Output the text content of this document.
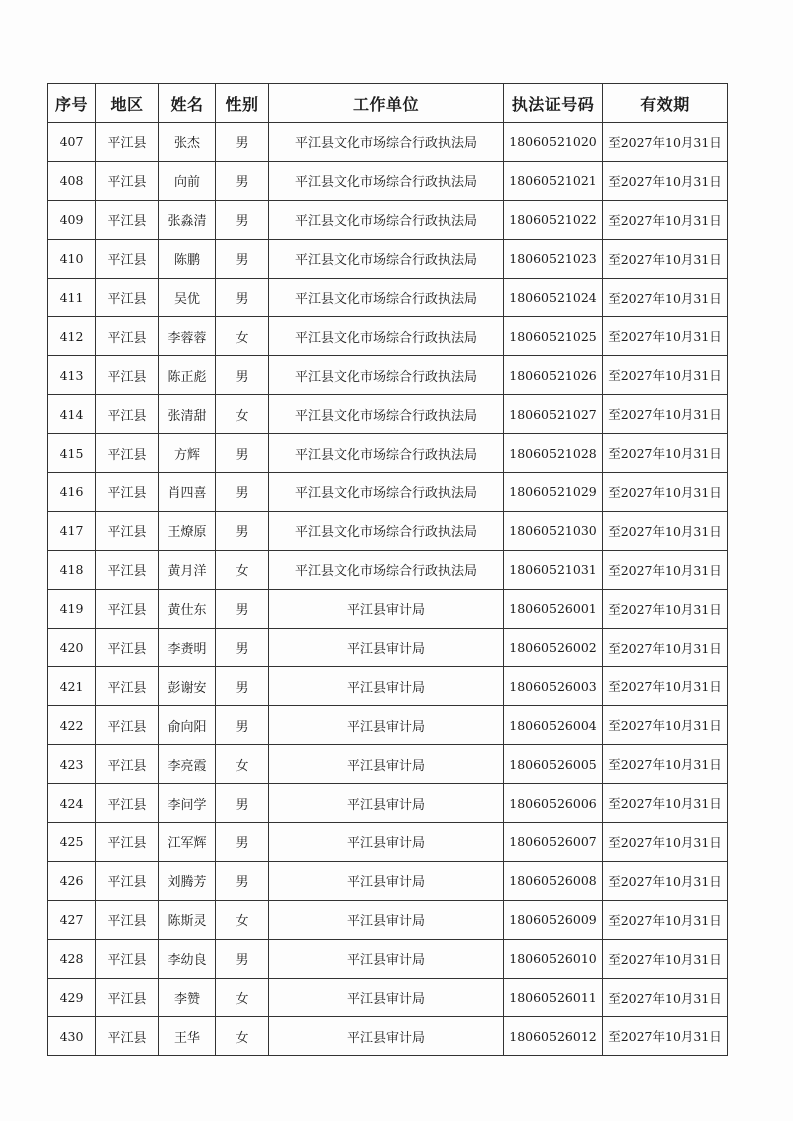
序号	地区	姓名	性别	工作单位	执法证号码	有效期
407	平江县	张杰	男	平江县文化市场综合行政执法局	18060521020	至2027年10月31日
408	平江县	向前	男	平江县文化市场综合行政执法局	18060521021	至2027年10月31日
409	平江县	张淼清	男	平江县文化市场综合行政执法局	18060521022	至2027年10月31日
410	平江县	陈鹏	男	平江县文化市场综合行政执法局	18060521023	至2027年10月31日
411	平江县	吴优	男	平江县文化市场综合行政执法局	18060521024	至2027年10月31日
412	平江县	李蓉蓉	女	平江县文化市场综合行政执法局	18060521025	至2027年10月31日
413	平江县	陈正彪	男	平江县文化市场综合行政执法局	18060521026	至2027年10月31日
414	平江县	张清甜	女	平江县文化市场综合行政执法局	18060521027	至2027年10月31日
415	平江县	方辉	男	平江县文化市场综合行政执法局	18060521028	至2027年10月31日
416	平江县	肖四喜	男	平江县文化市场综合行政执法局	18060521029	至2027年10月31日
417	平江县	王燎原	男	平江县文化市场综合行政执法局	18060521030	至2027年10月31日
418	平江县	黄月洋	女	平江县文化市场综合行政执法局	18060521031	至2027年10月31日
419	平江县	黄仕东	男	平江县审计局	18060526001	至2027年10月31日
420	平江县	李赉明	男	平江县审计局	18060526002	至2027年10月31日
421	平江县	彭谢安	男	平江县审计局	18060526003	至2027年10月31日
422	平江县	俞向阳	男	平江县审计局	18060526004	至2027年10月31日
423	平江县	李亮霞	女	平江县审计局	18060526005	至2027年10月31日
424	平江县	李问学	男	平江县审计局	18060526006	至2027年10月31日
425	平江县	江军辉	男	平江县审计局	18060526007	至2027年10月31日
426	平江县	刘腾芳	男	平江县审计局	18060526008	至2027年10月31日
427	平江县	陈斯灵	女	平江县审计局	18060526009	至2027年10月31日
428	平江县	李幼良	男	平江县审计局	18060526010	至2027年10月31日
429	平江县	李赞	女	平江县审计局	18060526011	至2027年10月31日
430	平江县	王华	女	平江县审计局	18060526012	至2027年10月31日
